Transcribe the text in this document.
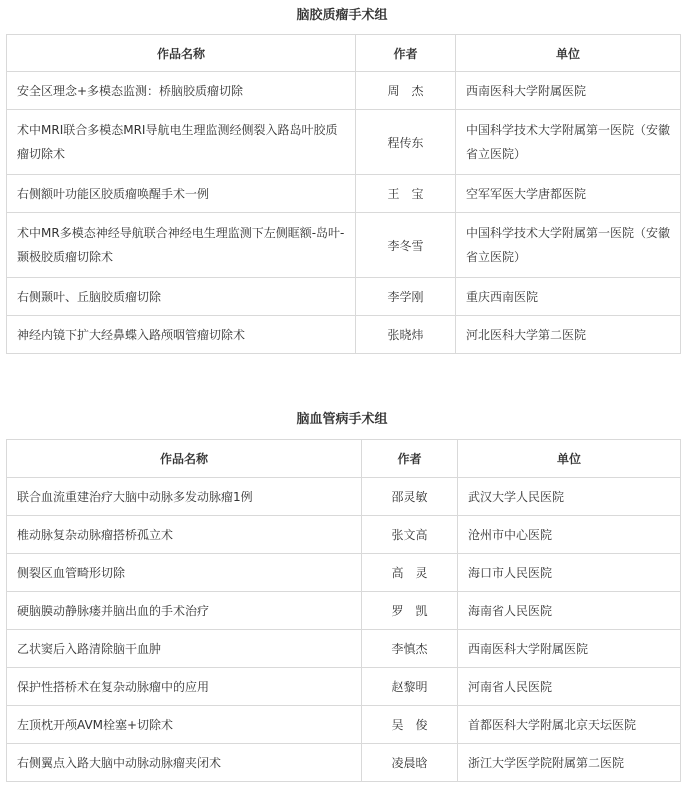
脑胶质瘤手术组
作品名称	作者	单位
安全区理念+多模态监测：桥脑胶质瘤切除	周　杰	西南医科大学附属医院
术中MRI联合多模态MRI导航电生理监测经侧裂入路岛叶胶质瘤切除术	程传东	中国科学技术大学附属第一医院（安徽省立医院）
右侧额叶功能区胶质瘤唤醒手术一例	王　宝	空军军医大学唐都医院
术中MR多模态神经导航联合神经电生理监测下左侧眶额-岛叶-颞极胶质瘤切除术	李冬雪	中国科学技术大学附属第一医院（安徽省立医院）
右侧颞叶、丘脑胶质瘤切除	李学刚	重庆西南医院
神经内镜下扩大经鼻蝶入路颅咽管瘤切除术	张晓炜	河北医科大学第二医院
脑血管病手术组
作品名称	作者	单位
联合血流重建治疗大脑中动脉多发动脉瘤1例	邵灵敏	武汉大学人民医院
椎动脉复杂动脉瘤搭桥孤立术	张文高	沧州市中心医院
侧裂区血管畸形切除	高　灵	海口市人民医院
硬脑膜动静脉瘘并脑出血的手术治疗	罗　凯	海南省人民医院
乙状窦后入路清除脑干血肿	李慎杰	西南医科大学附属医院
保护性搭桥术在复杂动脉瘤中的应用	赵黎明	河南省人民医院
左顶枕开颅AVM栓塞+切除术	吴　俊	首都医科大学附属北京天坛医院
右侧翼点入路大脑中动脉动脉瘤夹闭术	凌晨晗	浙江大学医学院附属第二医院
